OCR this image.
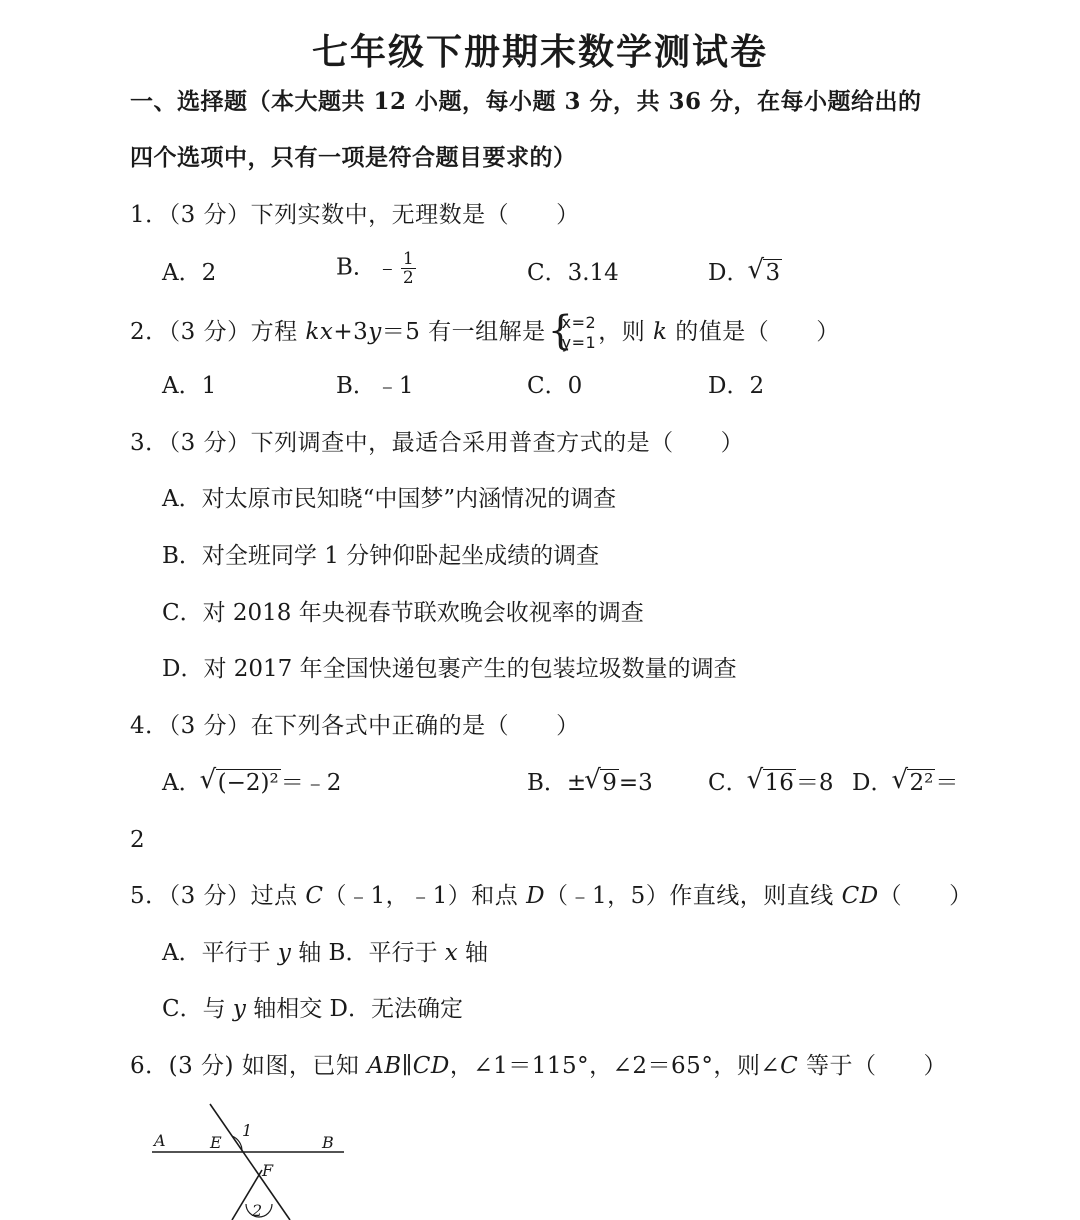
七年级下册期末数学测试卷
一、选择题（本大题共 12 小题，每小题 3 分，共 36 分，在每小题给出的
四个选项中，只有一项是符合题目要求的）
1．（3 分）下列实数中，无理数是（　　）
A．2	B．﹣ $\frac{1}{2}$	C．3.14	D． √ 3
2．（3 分）方程 kx+3y＝5 有一组解是 { x=2
y=1 ，则 k 的值是（　　）
A．1	B．﹣1	C．0	D．2
3．（3 分）下列调查中，最适合采用普查方式的是（　　）
A．对太原市民知晓“中国梦”内涵情况的调查
B．对全班同学 1 分钟仰卧起坐成绩的调查
C．对 2018 年央视春节联欢晚会收视率的调查
D．对 2017 年全国快递包裹产生的包装垃圾数量的调查
4．（3 分）在下列各式中正确的是（　　）
A． √ (−2)²＝﹣2	B．± √ 9=3 C． √ 16＝8 D． √ 2²＝
2
5．（3 分）过点 C（﹣1，﹣1）和点 D（﹣1，5）作直线，则直线 CD（　　）
A．平行于 y 轴 B．平行于 x 轴
C．与 y 轴相交 D．无法确定
6．(3 分) 如图，已知 AB∥CD，∠1＝115°，∠2＝65°，则∠C 等于（　　）
A	E
1
B
F
2
